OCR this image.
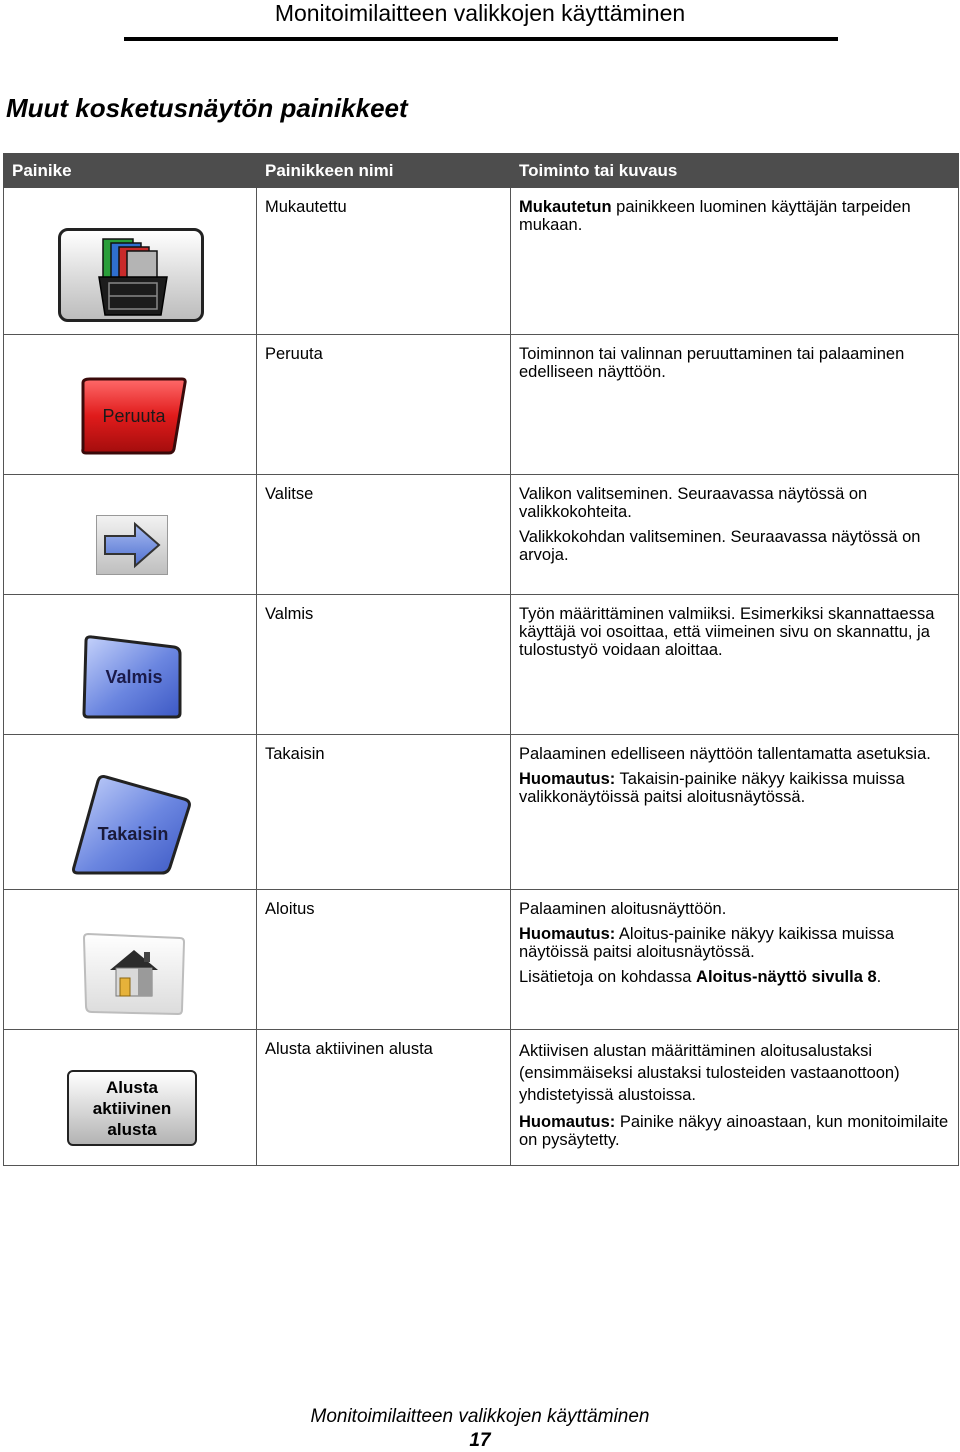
Monitoimilaitteen valikkojen käyttäminen
Muut kosketusnäytön painikkeet
Painike	Painikkeen nimi	Toiminto tai kuvaus

	Mukautettu	Mukautetun painikkeen luominen käyttäjän tarpeiden mukaan.

Peruuta	Peruuta	Toiminnon tai valinnan peruuttaminen tai palaaminen edelliseen näyttöön.

	Valitse	Valikon valitseminen. Seuraavassa näytössä on valikkokohteita.

Valikkokohdan valitseminen. Seuraavassa näytössä on arvoja.

Valmis	Valmis	Työn määrittäminen valmiiksi. Esimerkiksi skannattaessa käyttäjä voi osoittaa, että viimeinen sivu on skannattu, ja tulostustyö voidaan aloittaa.

Takaisin	Takaisin	Palaaminen edelliseen näyttöön tallentamatta asetuksia.

Huomautus: Takaisin-painike näkyy kaikissa muissa valikkonäytöissä paitsi aloitusnäytössä.

	Aloitus	Palaaminen aloitusnäyttöön.

Huomautus: Aloitus-painike näkyy kaikissa muissa näytöissä paitsi aloitusnäytössä.

Lisätietoja on kohdassa Aloitus-näyttö sivulla 8.

Alusta aktiivinen alusta	Alusta aktiivinen alusta	Aktiivisen alustan määrittäminen aloitusalustaksi (ensimmäiseksi alustaksi tulosteiden vastaanottoon) yhdistetyissä alustoissa.

Huomautus: Painike näkyy ainoastaan, kun monitoimilaite on pysäytetty.

Monitoimilaitteen valikkojen käyttäminen
17
